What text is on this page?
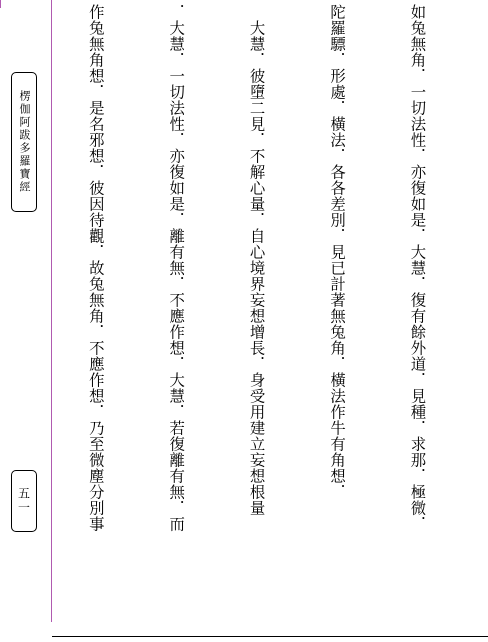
楞伽阿跋多羅寶經
五一

	如兔無角．一切法性．亦復如是．大慧．復有餘外道．見種．求那．極微．

陀羅驃．形處．橫法．各各差別．見已計著無兔角．橫法作牛有角想．

　大慧．彼墮二見．不解心量．自心境界妄想增長．身受用建立妄想根量

．大慧．一切法性．亦復如是．離有無．不應作想．大慧．若復離有無．而

作兔無角想．是名邪想．彼因待觀．故兔無角．不應作想．乃至微塵分別事
